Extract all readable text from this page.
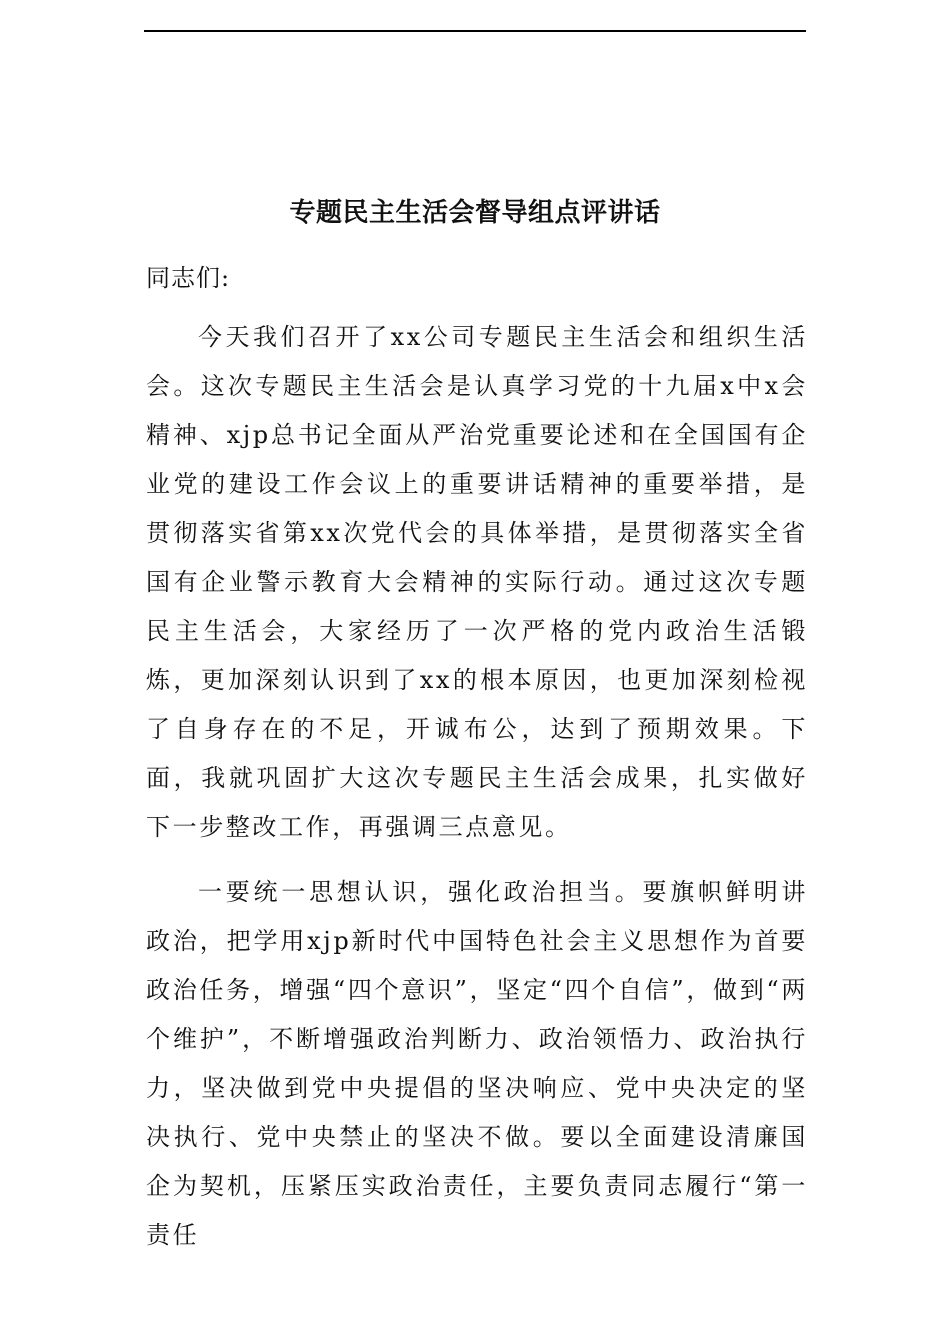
专题民主生活会督导组点评讲话

同志们:

今天我们召开了xx公司专题民主生活会和组织生活会。这次专题民主生活会是认真学习党的十九届x中x会精神、xjp总书记全面从严治党重要论述和在全国国有企业党的建设工作会议上的重要讲话精神的重要举措，是贯彻落实省第xx次党代会的具体举措，是贯彻落实全省国有企业警示教育大会精神的实际行动。通过这次专题民主生活会，大家经历了一次严格的党内政治生活锻炼，更加深刻认识到了xx的根本原因，也更加深刻检视了自身存在的不足，开诚布公，达到了预期效果。下面，我就巩固扩大这次专题民主生活会成果，扎实做好下一步整改工作，再强调三点意见。

一要统一思想认识，强化政治担当。要旗帜鲜明讲政治，把学用xjp新时代中国特色社会主义思想作为首要政治任务，增强“四个意识”，坚定“四个自信”，做到“两个维护”，不断增强政治判断力、政治领悟力、政治执行力，坚决做到党中央提倡的坚决响应、党中央决定的坚决执行、党中央禁止的坚决不做。要以全面建设清廉国企为契机，压紧压实政治责任，主要负责同志履行“第一责任
